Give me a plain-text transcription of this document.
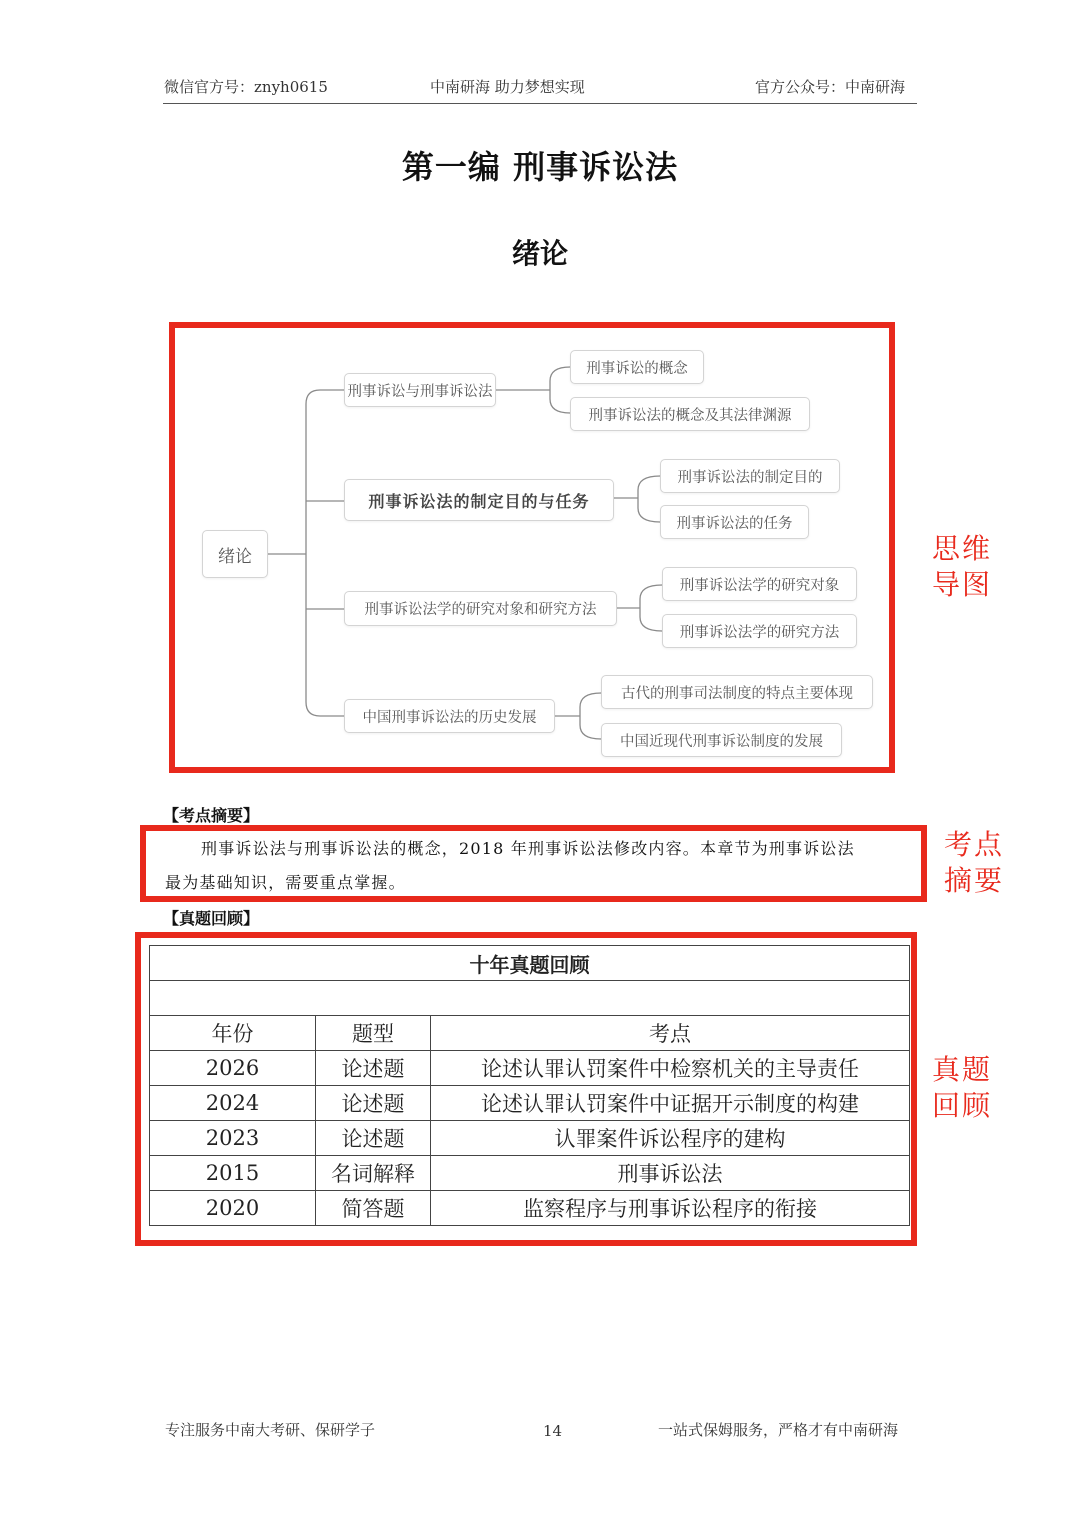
微信官方号：znyh0615	中南研海 助力梦想实现	官方公众号：中南研海
第一编 刑事诉讼法
绪论
绪论
刑事诉讼与刑事诉讼法
刑事诉讼的概念
刑事诉讼法的概念及其法律渊源
刑事诉讼法的制定目的与任务
刑事诉讼法的制定目的
刑事诉讼法的任务
刑事诉讼法学的研究对象和研究方法
刑事诉讼法学的研究对象
刑事诉讼法学的研究方法
中国刑事诉讼法的历史发展
古代的刑事司法制度的特点主要体现
中国近现代刑事诉讼制度的发展
思维
导图
【考点摘要】
刑事诉讼法与刑事诉讼法的概念，2018 年刑事诉讼法修改内容。本章节为刑事诉讼法
最为基础知识，需要重点掌握。
考点
摘要
【真题回顾】
十年真题回顾		

年份	题型	考点
2026	论述题	论述认罪认罚案件中检察机关的主导责任
2024	论述题	论述认罪认罚案件中证据开示制度的构建
2023	论述题	认罪案件诉讼程序的建构
2015	名词解释	刑事诉讼法
2020	简答题	监察程序与刑事诉讼程序的衔接
真题
回顾
专注服务中南大考研、保研学子	14	一站式保姆服务，严格才有中南研海
